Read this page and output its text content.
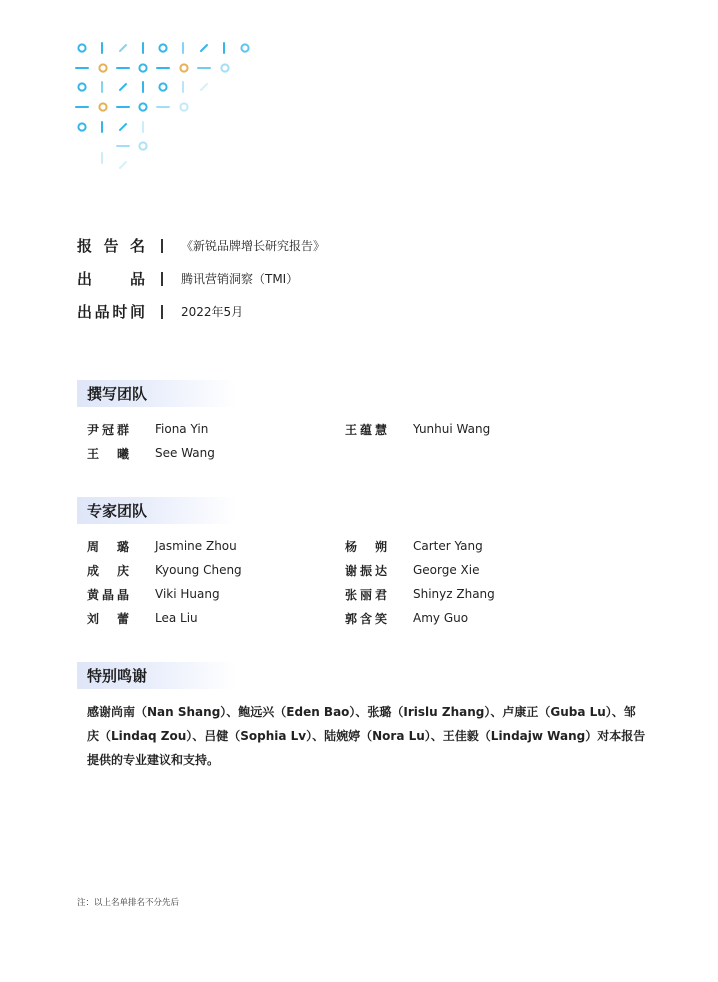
报 告 名	《新锐品牌增长研究报告》
出	品	腾讯营销洞察（TMI）
出 品 时 间	2022年5月
撰写团队
尹 冠 群 Fiona Yin	王 蕴 慧 Yunhui Wang
王 曦 See Wang
专家团队
周 璐 Jasmine Zhou	杨 朔 Carter Yang
成 庆 Kyoung Cheng	谢 振 达 George Xie
黄 晶 晶 Viki Huang	张 丽 君 Shinyz Zhang
刘 蕾 Lea Liu	郭 含 笑 Amy Guo
特别鸣谢
感谢尚南（Nan Shang）、鲍远兴（Eden Bao）、张璐（Irislu Zhang）、卢康正（Guba Lu）、邹庆（Lindaq Zou）、吕健（Sophia Lv）、陆婉婷（Nora Lu）、王佳毅（Lindajw Wang）对本报告提供的专业建议和支持。
注：以上名单排名不分先后
